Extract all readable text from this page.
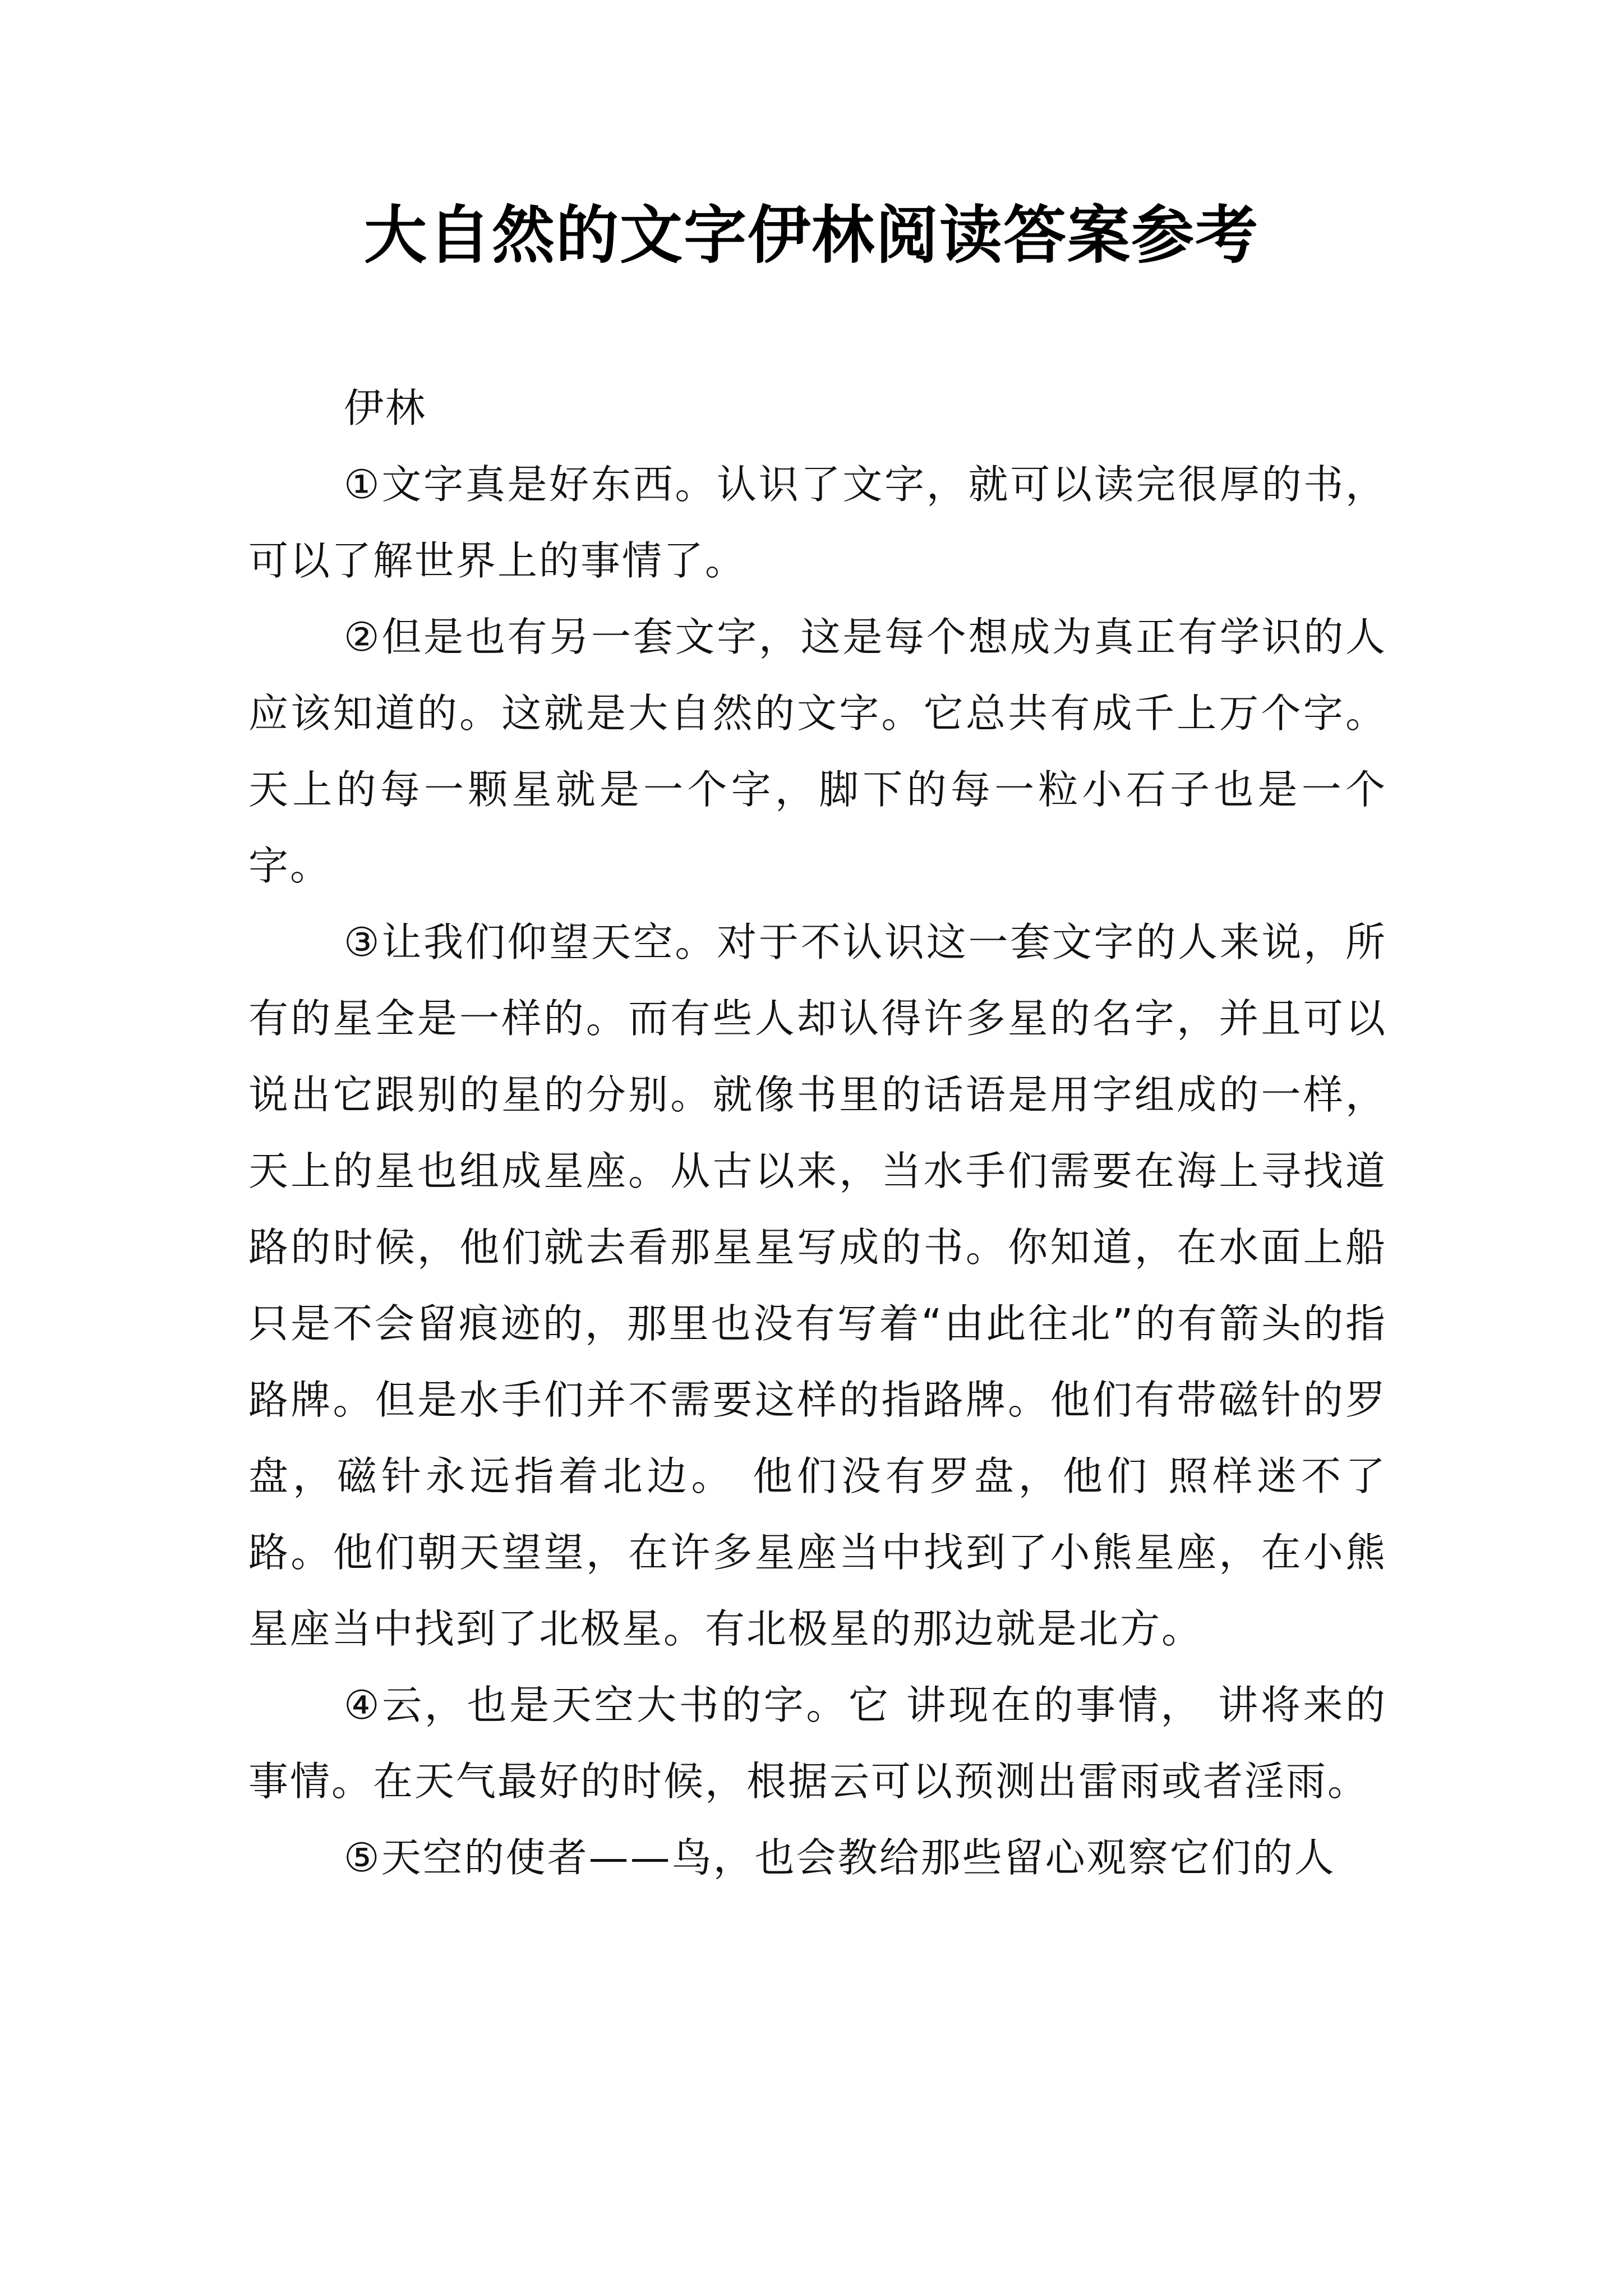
大自然的文字伊林阅读答案参考

伊林

①文字真是好东西。认识了文字，就可以读完很厚的书，可以了解世界上的事情了。

②但是也有另一套文字，这是每个想成为真正有学识的人应该知道的。这就是大自然的文字。它总共有成千上万个字。天上的每一颗星就是一个字，脚下的每一粒小石子也是一个字。

③让我们仰望天空。对于不认识这一套文字的人来说，所有的星全是一样的。而有些人却认得许多星的名字，并且可以说出它跟别的星的分别。就像书里的话语是用字组成的一样，天上的星也组成星座。从古以来，当水手们需要在海上寻找道路的时候，他们就去看那星星写成的书。你知道，在水面上船只是不会留痕迹的，那里也没有写着“由此往北”的有箭头的指路牌。但是水手们并不需要这样的指路牌。他们有带磁针的罗盘，磁针永远指着北边。 他们没有罗盘，他们 照样迷不了路。他们朝天望望，在许多星座当中找到了小熊星座，在小熊星座当中找到了北极星。有北极星的那边就是北方。

④云，也是天空大书的字。它 讲现在的事情， 讲将来的事情。在天气最好的时候，根据云可以预测出雷雨或者淫雨。

⑤天空的使者——鸟，也会教给那些留心观察它们的人
